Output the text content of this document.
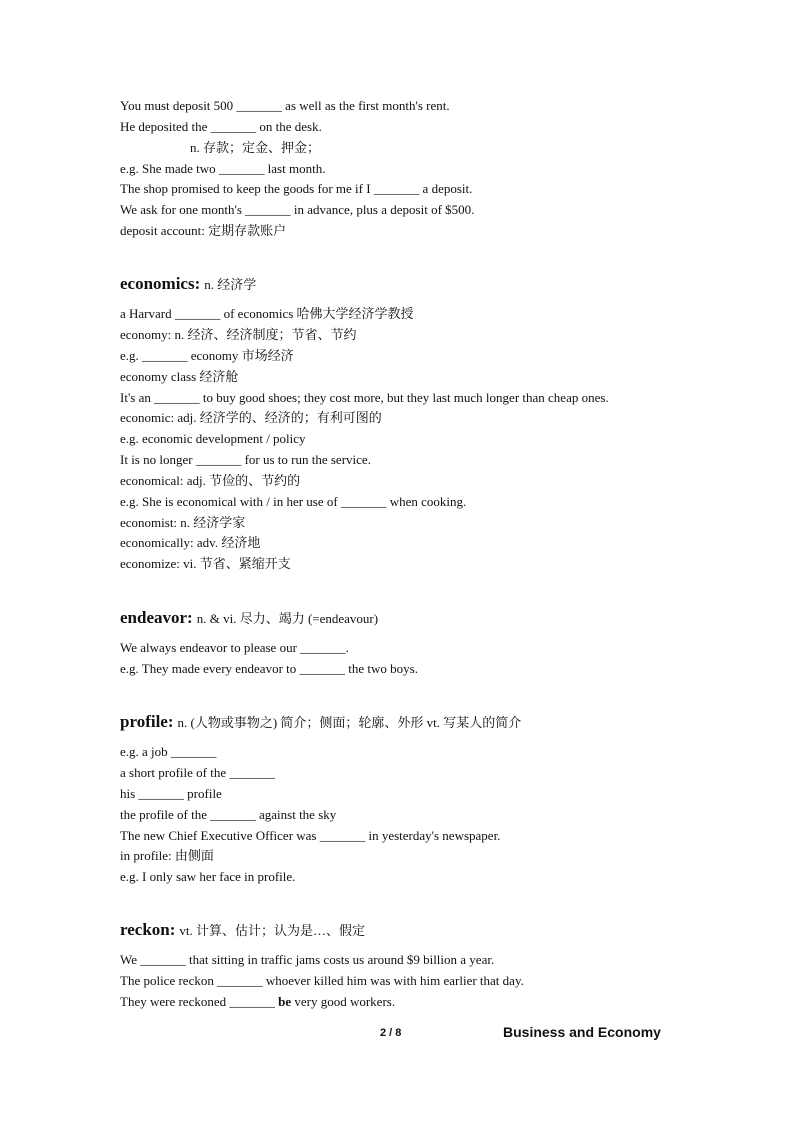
You must deposit 500 _______ as well as the first month's rent.
He deposited the _______ on the desk.
n. 存款；定金、押金；
e.g. She made two _______ last month.
The shop promised to keep the goods for me if I _______ a deposit.
We ask for one month's _______ in advance, plus a deposit of $500.
deposit account: 定期存款账户
economics: n. 经济学
a Harvard _______ of economics 哈佛大学经济学教授
economy: n. 经济、经济制度；节省、节约
e.g. _______ economy 市场经济
economy class 经济舱
It's an _______ to buy good shoes; they cost more, but they last much longer than cheap ones.
economic: adj. 经济学的、经济的；有利可图的
e.g. economic development / policy
It is no longer _______ for us to run the service.
economical: adj. 节俭的、节约的
e.g. She is economical with / in her use of _______ when cooking.
economist: n. 经济学家
economically: adv. 经济地
economize: vi. 节省、紧缩开支
endeavor: n. & vi. 尽力、竭力 (=endeavour)
We always endeavor to please our _______.
e.g. They made every endeavor to _______ the two boys.
profile: n. (人物或事物之) 简介；侧面；轮廓、外形 vt. 写某人的简介
e.g. a job _______
a short profile of the _______
his _______ profile
the profile of the _______ against the sky
The new Chief Executive Officer was _______ in yesterday's newspaper.
in profile: 由侧面
e.g. I only saw her face in profile.
reckon: vt. 计算、估计；认为是…、假定
We _______ that sitting in traffic jams costs us around $9 billion a year.
The police reckon _______ whoever killed him was with him earlier that day.
They were reckoned _______ be very good workers.
2 / 8	Business and Economy
